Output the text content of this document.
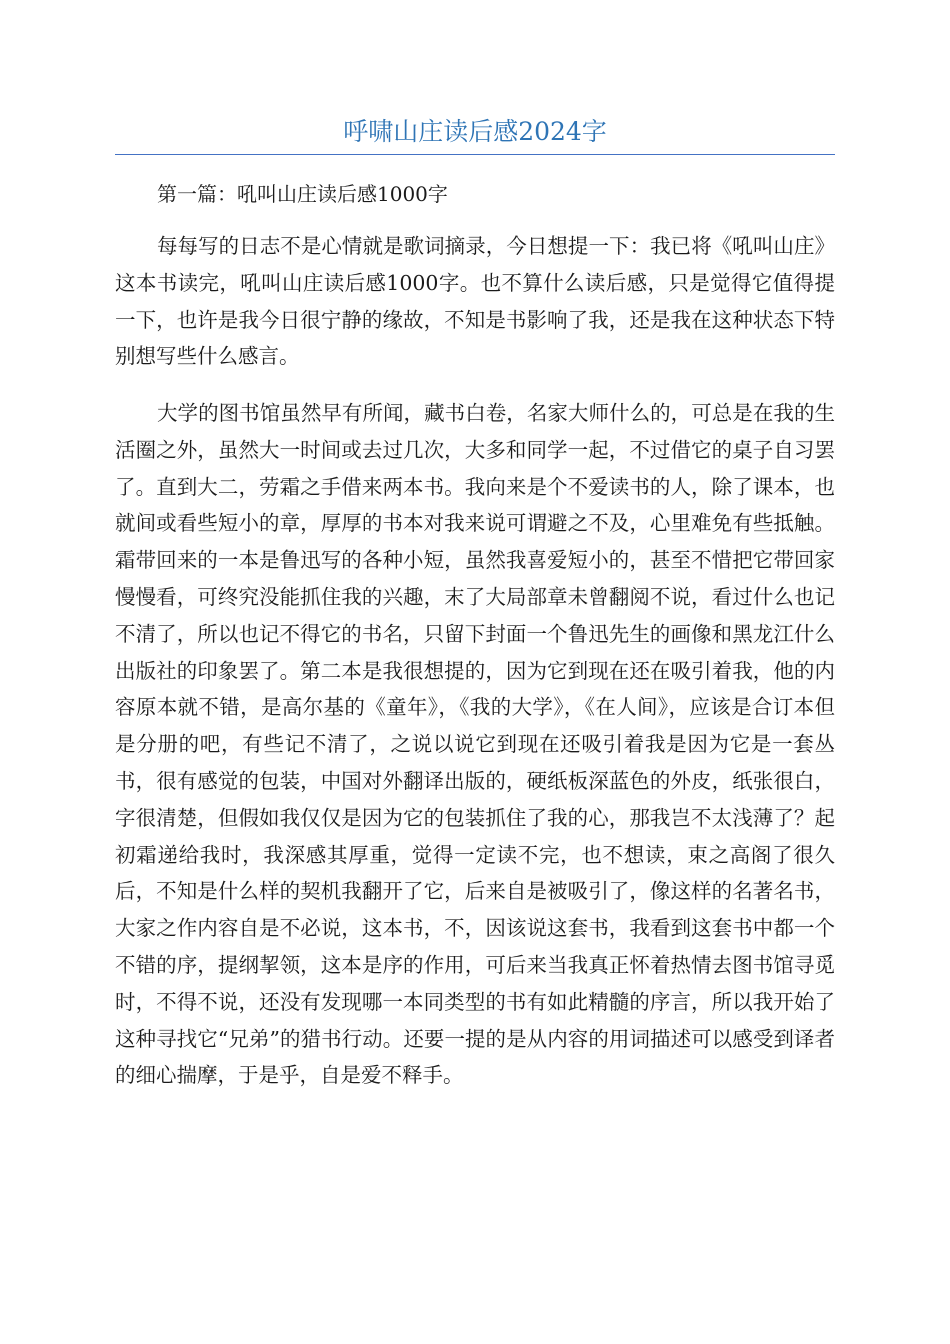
呼啸山庄读后感2024字

第一篇：吼叫山庄读后感1000字

每每写的日志不是心情就是歌词摘录，今日想提一下：我已将《吼叫山庄》这本书读完，吼叫山庄读后感1000字。也不算什么读后感，只是觉得它值得提一下，也许是我今日很宁静的缘故，不知是书影响了我，还是我在这种状态下特别想写些什么感言。

大学的图书馆虽然早有所闻，藏书白卷，名家大师什么的，可总是在我的生活圈之外，虽然大一时间或去过几次，大多和同学一起，不过借它的桌子自习罢了。直到大二，劳霜之手借来两本书。我向来是个不爱读书的人，除了课本，也就间或看些短小的章，厚厚的书本对我来说可谓避之不及，心里难免有些抵触。霜带回来的一本是鲁迅写的各种小短，虽然我喜爱短小的，甚至不惜把它带回家慢慢看，可终究没能抓住我的兴趣，末了大局部章未曾翻阅不说，看过什么也记不清了，所以也记不得它的书名，只留下封面一个鲁迅先生的画像和黑龙江什么出版社的印象罢了。第二本是我很想提的，因为它到现在还在吸引着我，他的内容原本就不错，是高尔基的《童年》，《我的大学》，《在人间》，应该是合订本但是分册的吧，有些记不清了，之说以说它到现在还吸引着我是因为它是一套丛书，很有感觉的包装，中国对外翻译出版的，硬纸板深蓝色的外皮，纸张很白，字很清楚，但假如我仅仅是因为它的包装抓住了我的心，那我岂不太浅薄了？起初霜递给我时，我深感其厚重，觉得一定读不完，也不想读，束之高阁了很久后，不知是什么样的契机我翻开了它，后来自是被吸引了，像这样的名著名书，大家之作内容自是不必说，这本书，不，因该说这套书，我看到这套书中都一个不错的序，提纲挈领，这本是序的作用，可后来当我真正怀着热情去图书馆寻觅时，不得不说，还没有发现哪一本同类型的书有如此精髓的序言，所以我开始了这种寻找它“兄弟”的猎书行动。还要一提的是从内容的用词描述可以感受到译者的细心揣摩，于是乎，自是爱不释手。
